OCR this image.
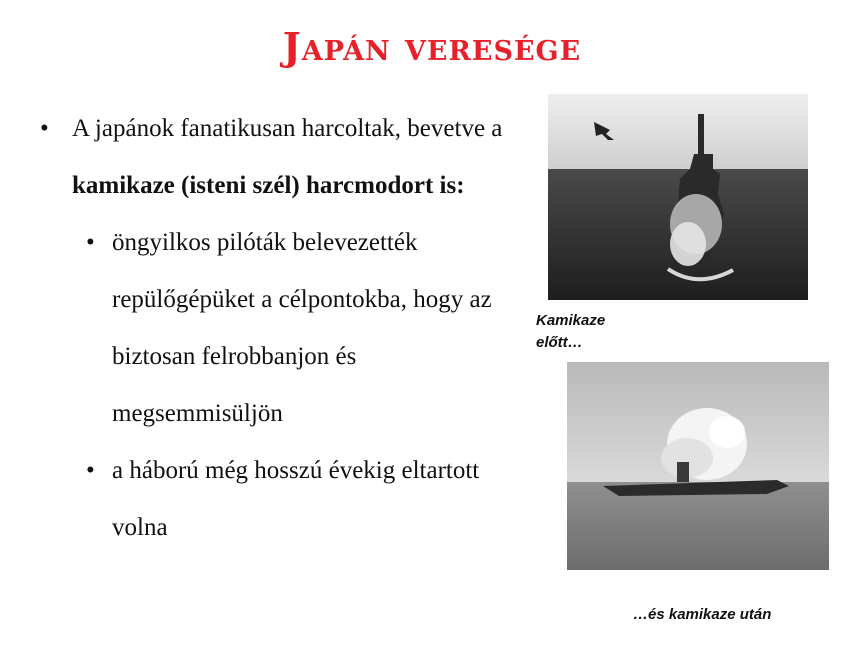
Japán veresége
• A japánok fanatikusan harcoltak, bevetve a kamikaze (isteni szél) harcmodort is:
• öngyilkos pilóták belevezették repülőgépüket a célpontokba, hogy az biztosan felrobbanjon és megsemmisüljön
• a háború még hosszú évekig eltartott volna
Kamikaze előtt…
…és kamikaze után
